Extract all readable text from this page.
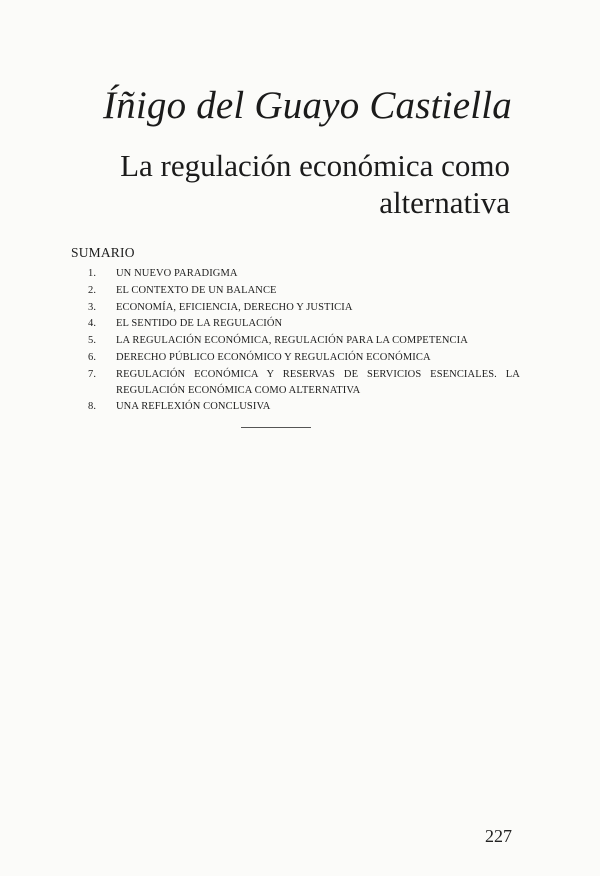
Íñigo del Guayo Castiella
La regulación económica como
alternativa
SUMARIO
1.	UN NUEVO PARADIGMA
2.	EL CONTEXTO DE UN BALANCE
3.	ECONOMÍA, EFICIENCIA, DERECHO Y JUSTICIA
4.	EL SENTIDO DE LA REGULACIÓN
5.	LA REGULACIÓN ECONÓMICA, REGULACIÓN PARA LA COMPETENCIA
6.	DERECHO PÚBLICO ECONÓMICO Y REGULACIÓN ECONÓMICA
7.	REGULACIÓN ECONÓMICA Y RESERVAS DE SERVICIOS ESENCIALES. LA REGULACIÓN ECONÓMICA COMO ALTERNATIVA
8.	UNA REFLEXIÓN CONCLUSIVA
227
